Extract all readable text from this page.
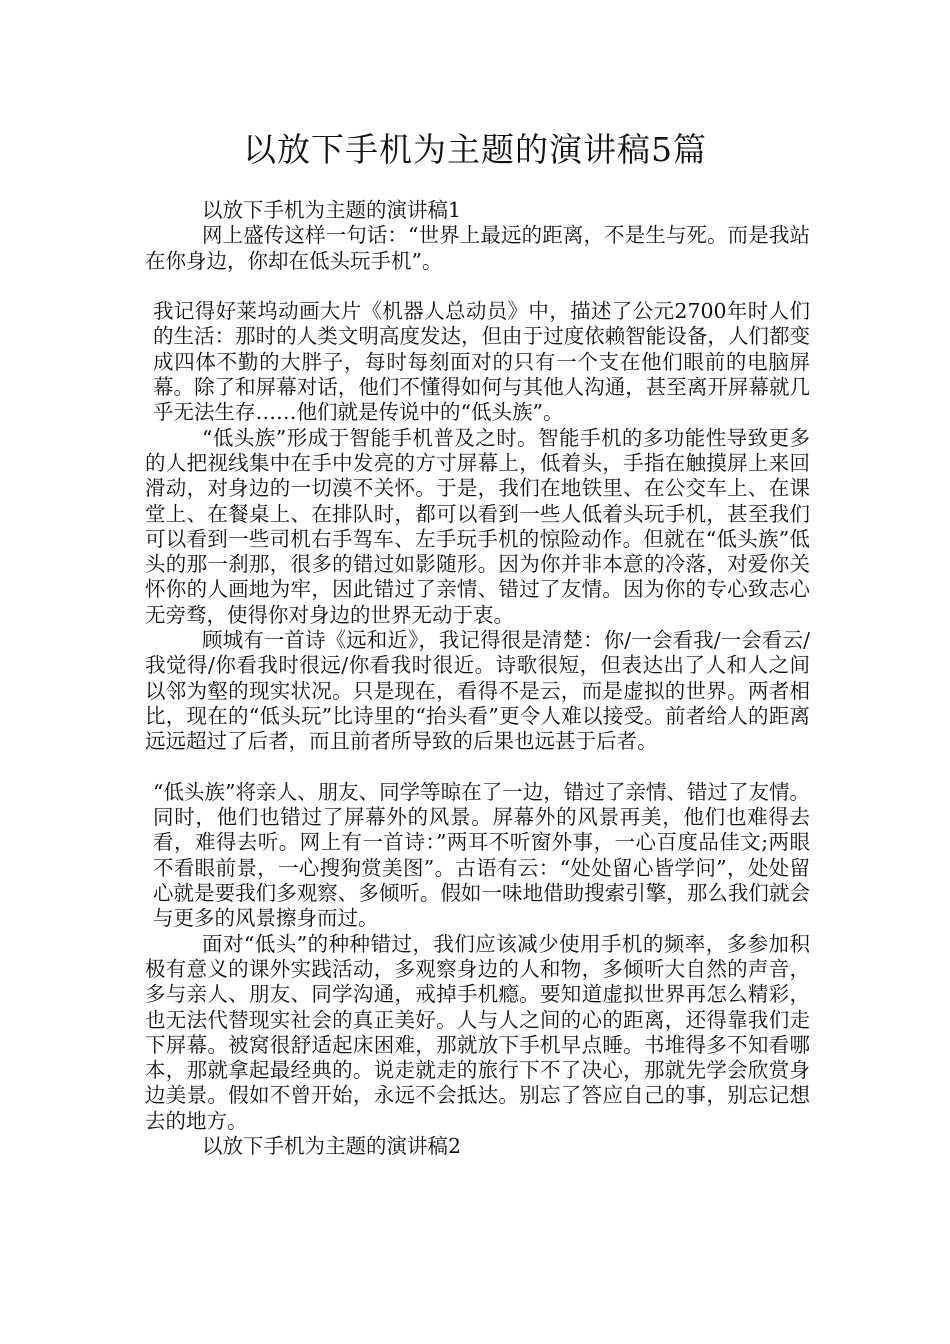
以放下手机为主题的演讲稿5篇

以放下手机为主题的演讲稿1

网上盛传这样一句话：“世界上最远的距离，不是生与死。而是我站在你身边，你却在低头玩手机”。

我记得好莱坞动画大片《机器人总动员》中，描述了公元2700年时人们的生活：那时的人类文明高度发达，但由于过度依赖智能设备，人们都变成四体不勤的大胖子，每时每刻面对的只有一个支在他们眼前的电脑屏幕。除了和屏幕对话，他们不懂得如何与其他人沟通，甚至离开屏幕就几乎无法生存……他们就是传说中的“低头族”。

“低头族”形成于智能手机普及之时。智能手机的多功能性导致更多的人把视线集中在手中发亮的方寸屏幕上，低着头，手指在触摸屏上来回滑动，对身边的一切漠不关怀。于是，我们在地铁里、在公交车上、在课堂上、在餐桌上、在排队时，都可以看到一些人低着头玩手机，甚至我们可以看到一些司机右手驾车、左手玩手机的惊险动作。但就在“低头族”低头的那一刹那，很多的错过如影随形。因为你并非本意的冷落，对爱你关怀你的人画地为牢，因此错过了亲情、错过了友情。因为你的专心致志心无旁骛，使得你对身边的世界无动于衷。

顾城有一首诗《远和近》，我记得很是清楚：你/一会看我/一会看云/我觉得/你看我时很远/你看我时很近。诗歌很短，但表达出了人和人之间以邻为壑的现实状况。只是现在，看得不是云，而是虚拟的世界。两者相比，现在的“低头玩”比诗里的“抬头看”更令人难以接受。前者给人的距离远远超过了后者，而且前者所导致的后果也远甚于后者。

“低头族”将亲人、朋友、同学等晾在了一边，错过了亲情、错过了友情。同时，他们也错过了屏幕外的风景。屏幕外的风景再美，他们也难得去看，难得去听。网上有一首诗：”两耳不听窗外事，一心百度品佳文;两眼不看眼前景，一心搜狗赏美图”。古语有云：“处处留心皆学问”，处处留心就是要我们多观察、多倾听。假如一味地借助搜索引擎，那么我们就会与更多的风景擦身而过。

面对“低头”的种种错过，我们应该减少使用手机的频率，多参加积极有意义的课外实践活动，多观察身边的人和物，多倾听大自然的声音，多与亲人、朋友、同学沟通，戒掉手机瘾。要知道虚拟世界再怎么精彩，也无法代替现实社会的真正美好。人与人之间的心的距离，还得靠我们走下屏幕。被窝很舒适起床困难，那就放下手机早点睡。书堆得多不知看哪本，那就拿起最经典的。说走就走的旅行下不了决心，那就先学会欣赏身边美景。假如不曾开始，永远不会抵达。别忘了答应自己的事，别忘记想去的地方。

以放下手机为主题的演讲稿2
